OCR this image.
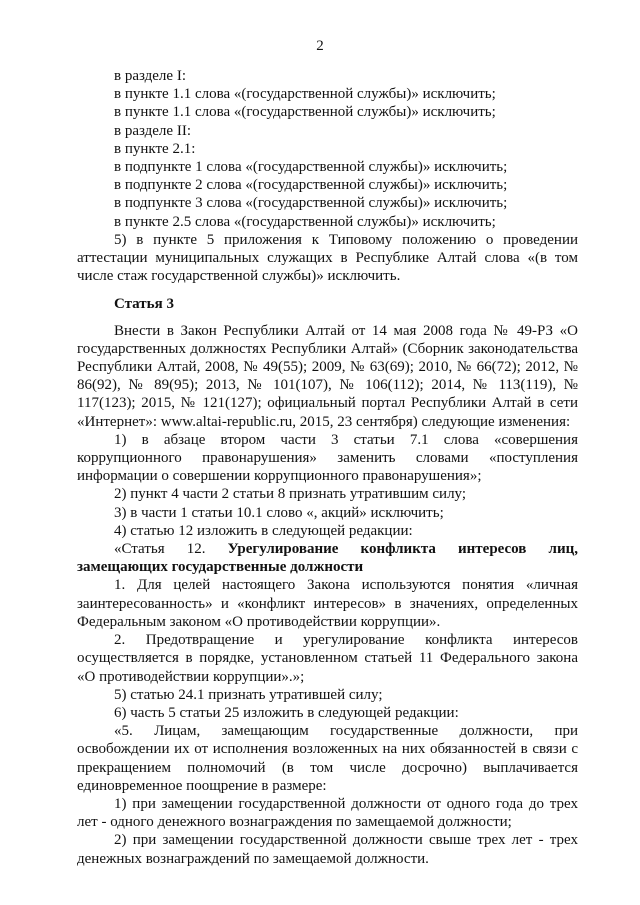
2

в разделе I:

в пункте 1.1 слова «(государственной службы)» исключить;

в пункте 1.1 слова «(государственной службы)» исключить;

в разделе II:

в пункте 2.1:

в подпункте 1 слова «(государственной службы)» исключить;

в подпункте 2 слова «(государственной службы)» исключить;

в подпункте 3 слова «(государственной службы)» исключить;

в пункте 2.5 слова «(государственной службы)» исключить;

5) в пункте 5 приложения к Типовому положению о проведении аттестации муниципальных служащих в Республике Алтай слова «(в том числе стаж государственной службы)» исключить.

Статья 3

Внести в Закон Республики Алтай от 14 мая 2008 года № 49-РЗ «О государственных должностях Республики Алтай» (Сборник законодательства Республики Алтай, 2008, № 49(55); 2009, № 63(69); 2010, № 66(72); 2012, № 86(92), № 89(95); 2013, № 101(107), № 106(112); 2014, № 113(119), № 117(123); 2015, № 121(127); официальный портал Республики Алтай в сети «Интернет»: www.altai-republic.ru, 2015, 23 сентября) следующие изменения:

1) в абзаце втором части 3 статьи 7.1 слова «совершения коррупционного правонарушения» заменить словами «поступления информации о совершении коррупционного правонарушения»;

2) пункт 4 части 2 статьи 8 признать утратившим силу;

3) в части 1 статьи 10.1 слово «, акций» исключить;

4) статью 12 изложить в следующей редакции:

«Статья 12. Урегулирование конфликта интересов лиц, замещающих государственные должности

1. Для целей настоящего Закона используются понятия «личная заинтересованность» и «конфликт интересов» в значениях, определенных Федеральным законом «О противодействии коррупции».

2. Предотвращение и урегулирование конфликта интересов осуществляется в порядке, установленном статьей 11 Федерального закона «О противодействии коррупции».»;

5) статью 24.1 признать утратившей силу;

6) часть 5 статьи 25 изложить в следующей редакции:

«5. Лицам, замещающим государственные должности, при освобождении их от исполнения возложенных на них обязанностей в связи с прекращением полномочий (в том числе досрочно) выплачивается единовременное поощрение в размере:

1) при замещении государственной должности от одного года до трех лет - одного денежного вознаграждения по замещаемой должности;

2) при замещении государственной должности свыше трех лет - трех денежных вознаграждений по замещаемой должности.
